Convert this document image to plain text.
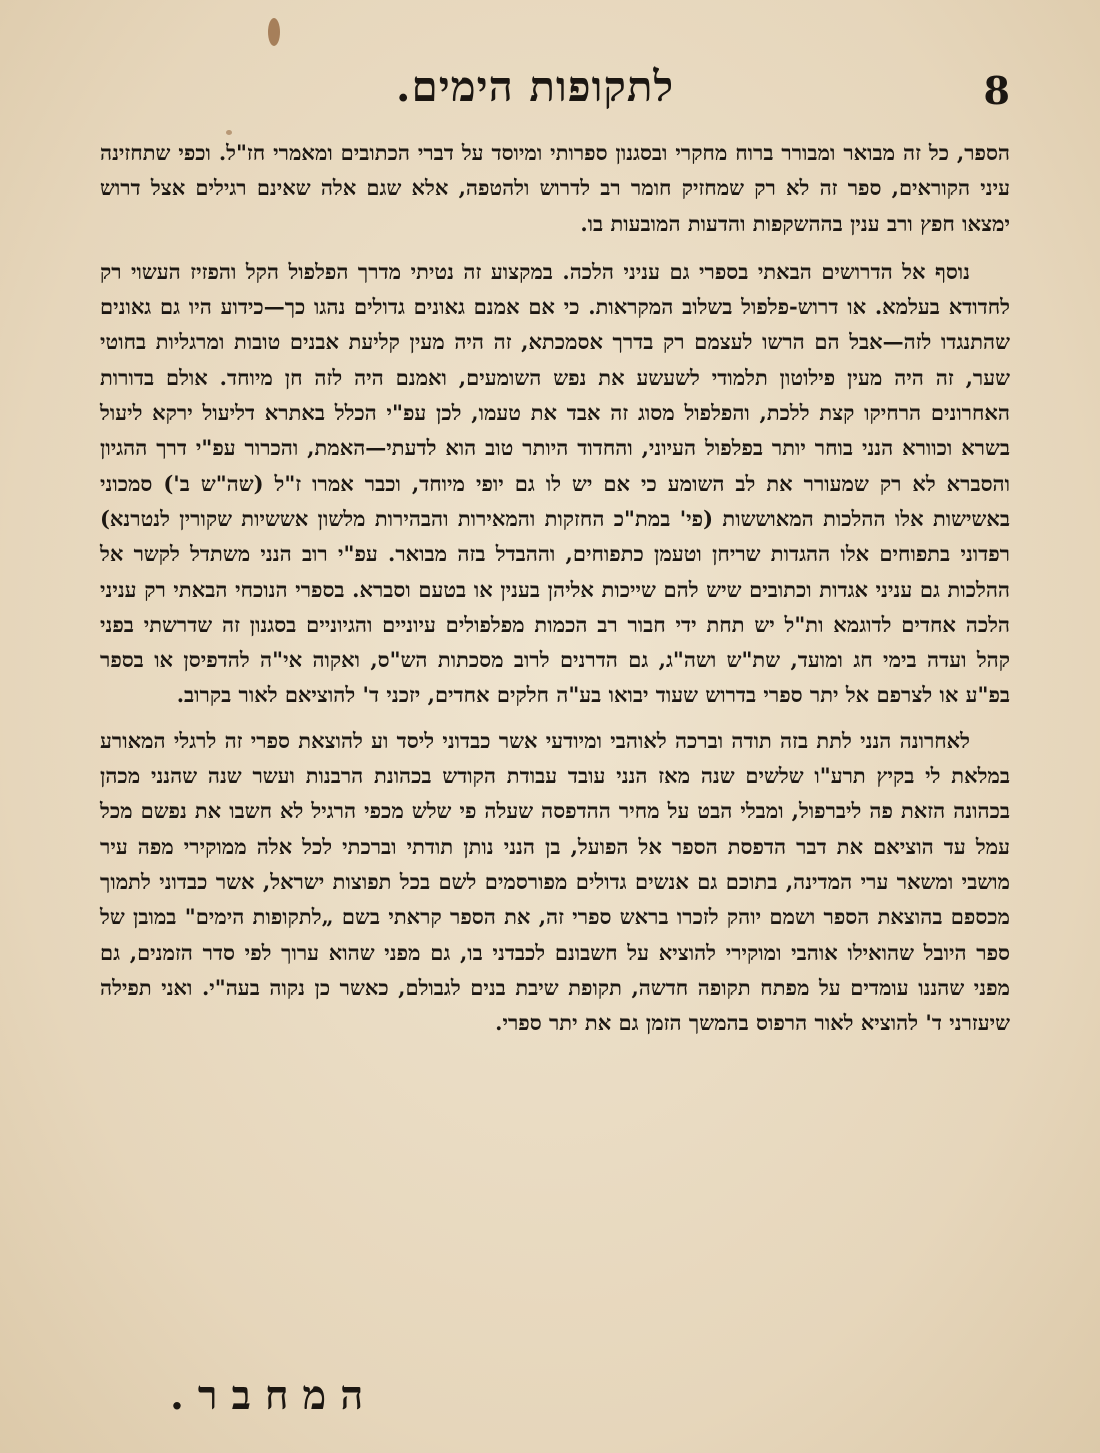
לתקופות הימים.	8

הספר, כל זה מבואר ומבורר ברוח מחקרי ובסגנון ספרותי ומיוסד על דברי הכתובים ומאמרי חז"ל. וכפי שתחזינה עיני הקוראים, ספר זה לא רק שמחזיק חומר רב לדרוש ולהטפה, אלא שגם אלה שאינם רגילים אצל דרוש ימצאו חפץ ורב ענין בההשקפות והדעות המובעות בו.

נוסף אל הדרושים הבאתי בספרי גם עניני הלכה. במקצוע זה נטיתי מדרך הפלפול הקל והפזיז העשוי רק לחדודא בעלמא. או דרוש-פלפול בשלוב המקראות. כי אם אמנם גאונים גדולים נהגו כך—כידוע היו גם גאונים שהתנגדו לזה—אבל הם הרשו לעצמם רק בדרך אסמכתא, זה היה מעין קליעת אבנים טובות ומרגליות בחוטי שער, זה היה מעין פילוטון תלמודי לשעשע את נפש השומעים, ואמנם היה לזה חן מיוחד. אולם בדורות האחרונים הרחיקו קצת ללכת, והפלפול מסוג זה אבד את טעמו, לכן עפ"י הכלל באתרא דליעול ירקא ליעול בשרא וכוורא הנני בוחר יותר בפלפול העיוני, והחדוד היותר טוב הוא לדעתי—האמת, והכרור עפ"י דרך ההגיון והסברא לא רק שמעורר את לב השומע כי אם יש לו גם יופי מיוחד, וכבר אמרו ז"ל (שה"ש ב') סמכוני באשישות אלו ההלכות המאוששות (פי' במת"כ החזקות והמאירות והבהירות מלשון אששיות שקורין לנטרנא) רפדוני בתפוחים אלו ההגדות שריחן וטעמן כתפוחים, וההבדל בזה מבואר. עפ"י רוב הנני משתדל לקשר אל ההלכות גם עניני אגדות וכתובים שיש להם שייכות אליהן בענין או בטעם וסברא. בספרי הנוכחי הבאתי רק עניני הלכה אחדים לדוגמא ות"ל יש תחת ידי חבור רב הכמות מפלפולים עיוניים והגיוניים בסגנון זה שדרשתי בפני קהל ועדה בימי חג ומועד, שת"ש ושה"ג, גם הדרנים לרוב מסכתות הש"ס, ואקוה אי"ה להדפיסן או בספר בפ"ע או לצרפם אל יתר ספרי בדרוש שעוד יבואו בע"ה חלקים אחדים, יזכני ד' להוציאם לאור בקרוב.

לאחרונה הנני לתת בזה תודה וברכה לאוהבי ומיודעי אשר כבדוני ליסד וע להוצאת ספרי זה לרגלי המאורע במלאת לי בקיץ תרע"ו שלשים שנה מאז הנני עובד עבודת הקודש בכהונת הרבנות ועשר שנה שהנני מכהן בכהונה הזאת פה ליברפול, ומבלי הבט על מחיר ההדפסה שעלה פי שלש מכפי הרגיל לא חשבו את נפשם מכל עמל עד הוציאם את דבר הדפסת הספר אל הפועל, בן הנני נותן תודתי וברכתי לכל אלה ממוקירי מפה עיר מושבי ומשאר ערי המדינה, בתוכם גם אנשים גדולים מפורסמים לשם בכל תפוצות ישראל, אשר כבדוני לתמוך מכספם בהוצאת הספר ושמם יוהק לזכרו בראש ספרי זה, את הספר קראתי בשם „לתקופות הימים" במובן של ספר היובל שהואילו אוהבי ומוקירי להוציא על חשבונם לכבדני בו, גם מפני שהוא ערוך לפי סדר הזמנים, גם מפני שהננו עומדים על מפתח תקופה חדשה, תקופת שיבת בנים לגבולם, כאשר כן נקוה בעה"י. ואני תפילה שיעזרני ד' להוציא לאור הרפוס בהמשך הזמן גם את יתר ספרי.

המחבר.
